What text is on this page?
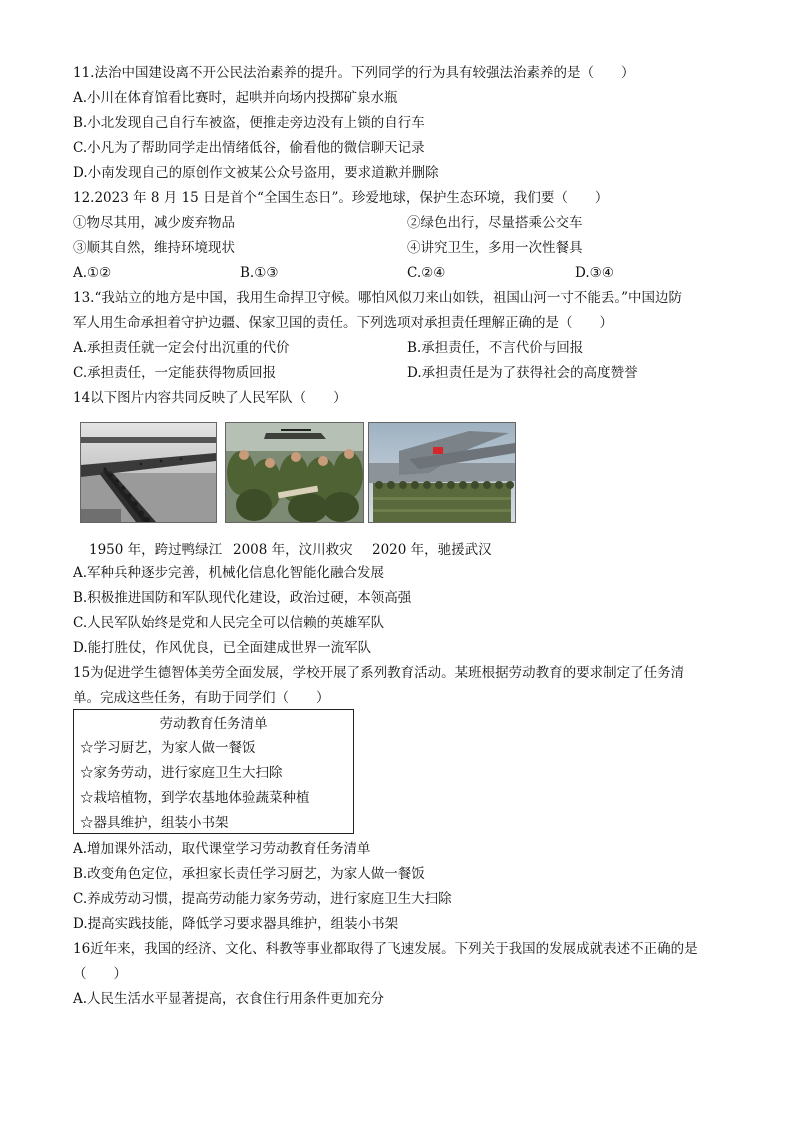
11.法治中国建设离不开公民法治素养的提升。下列同学的行为具有较强法治素养的是（　　）
A.小川在体育馆看比赛时，起哄并向场内投掷矿泉水瓶
B.小北发现自己自行车被盗，便推走旁边没有上锁的自行车
C.小凡为了帮助同学走出情绪低谷，偷看他的微信聊天记录
D.小南发现自己的原创作文被某公众号盗用，要求道歉并删除
12.2023 年 8 月 15 日是首个“全国生态日”。珍爱地球，保护生态环境，我们要（　　）
①物尽其用，减少废弃物品	②绿色出行，尽量搭乘公交车
③顺其自然，维持环境现状	④讲究卫生，多用一次性餐具
A.①②	B.①③	C.②④	D.③④
13.“我站立的地方是中国，我用生命捍卫守候。哪怕风似刀来山如铁，祖国山河一寸不能丢。”中国边防
军人用生命承担着守护边疆、保家卫国的责任。下列选项对承担责任理解正确的是（　　）
A.承担责任就一定会付出沉重的代价	B.承担责任，不言代价与回报
C.承担责任，一定能获得物质回报	D.承担责任是为了获得社会的高度赞誉
14以下图片内容共同反映了人民军队（　　）
1950 年，跨过鸭绿江 2008 年，汶川救灾 2020 年，驰援武汉
A.军种兵种逐步完善，机械化信息化智能化融合发展
B.积极推进国防和军队现代化建设，政治过硬，本领高强
C.人民军队始终是党和人民完全可以信赖的英雄军队
D.能打胜仗，作风优良，已全面建成世界一流军队
15为促进学生德智体美劳全面发展，学校开展了系列教育活动。某班根据劳动教育的要求制定了任务清
单。完成这些任务，有助于同学们（　　）
劳动教育任务清单
☆学习厨艺，为家人做一餐饭
☆家务劳动，进行家庭卫生大扫除
☆栽培植物，到学农基地体验蔬菜种植
☆器具维护，组装小书架
A.增加课外活动，取代课堂学习劳动教育任务清单
B.改变角色定位，承担家长责任学习厨艺，为家人做一餐饭
C.养成劳动习惯，提高劳动能力家务劳动，进行家庭卫生大扫除
D.提高实践技能，降低学习要求器具维护，组装小书架
16近年来，我国的经济、文化、科教等事业都取得了飞速发展。下列关于我国的发展成就表述不正确的是
（　　）
A.人民生活水平显著提高，衣食住行用条件更加充分
